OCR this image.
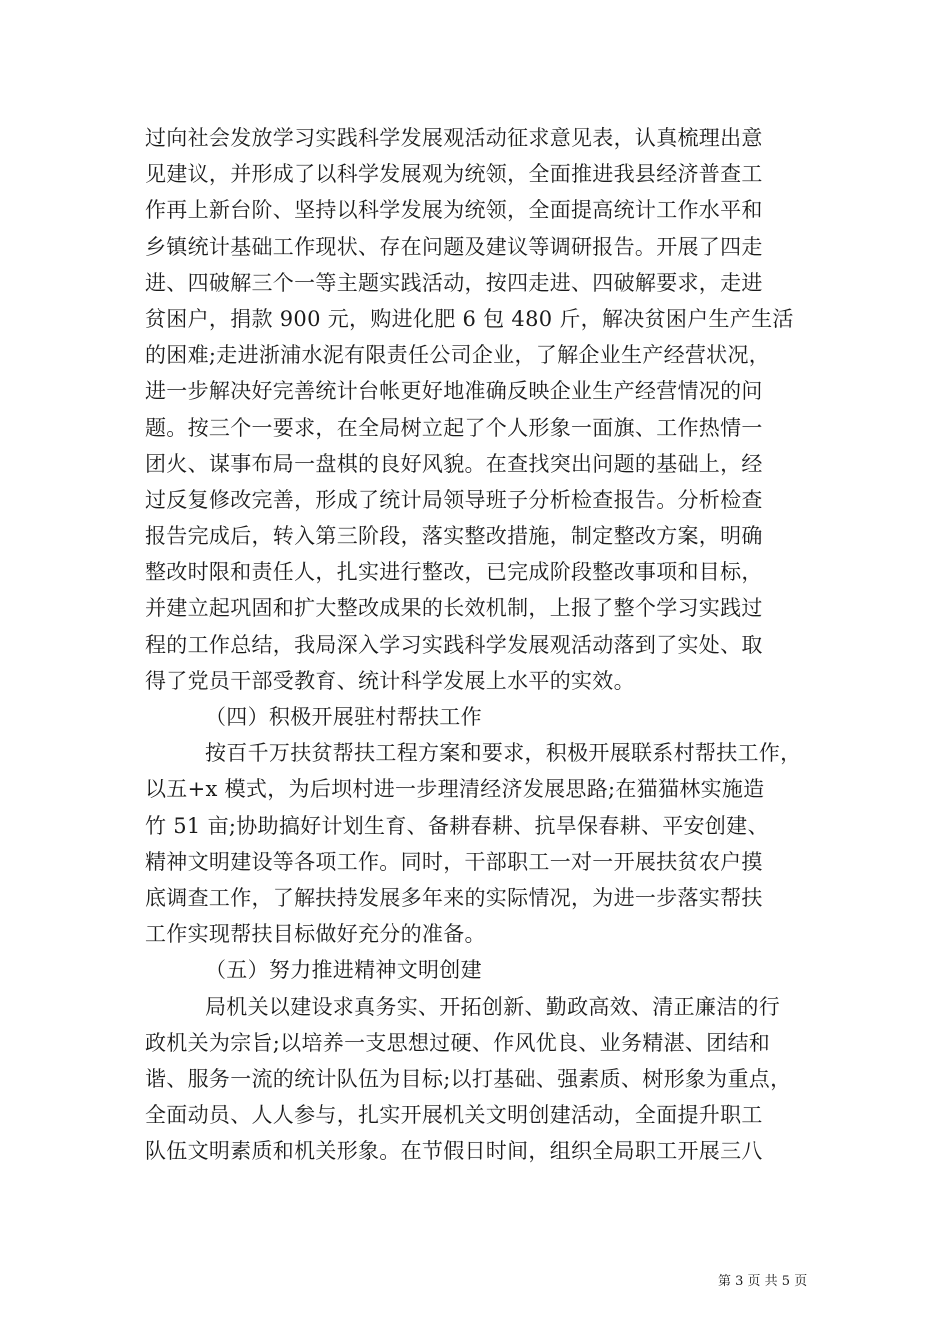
过向社会发放学习实践科学发展观活动征求意见表，认真梳理出意
见建议，并形成了以科学发展观为统领，全面推进我县经济普查工
作再上新台阶、坚持以科学发展为统领，全面提高统计工作水平和
乡镇统计基础工作现状、存在问题及建议等调研报告。开展了四走
进、四破解三个一等主题实践活动，按四走进、四破解要求，走进
贫困户，捐款 900 元，购进化肥 6 包 480 斤，解决贫困户生产生活
的困难;走进浙浦水泥有限责任公司企业，了解企业生产经营状况，
进一步解决好完善统计台帐更好地准确反映企业生产经营情况的问
题。按三个一要求，在全局树立起了个人形象一面旗、工作热情一
团火、谋事布局一盘棋的良好风貌。在查找突出问题的基础上，经
过反复修改完善，形成了统计局领导班子分析检查报告。分析检查
报告完成后，转入第三阶段，落实整改措施，制定整改方案，明确
整改时限和责任人，扎实进行整改，已完成阶段整改事项和目标，
并建立起巩固和扩大整改成果的长效机制，上报了整个学习实践过
程的工作总结，我局深入学习实践科学发展观活动落到了实处、取
得了党员干部受教育、统计科学发展上水平的实效。
（四）积极开展驻村帮扶工作
按百千万扶贫帮扶工程方案和要求，积极开展联系村帮扶工作，
以五+x 模式，为后坝村进一步理清经济发展思路;在猫猫林实施造
竹 51 亩;协助搞好计划生育、备耕春耕、抗旱保春耕、平安创建、
精神文明建设等各项工作。同时，干部职工一对一开展扶贫农户摸
底调查工作，了解扶持发展多年来的实际情况，为进一步落实帮扶
工作实现帮扶目标做好充分的准备。
（五）努力推进精神文明创建
局机关以建设求真务实、开拓创新、勤政高效、清正廉洁的行
政机关为宗旨;以培养一支思想过硬、作风优良、业务精湛、团结和
谐、服务一流的统计队伍为目标;以打基础、强素质、树形象为重点，
全面动员、人人参与，扎实开展机关文明创建活动，全面提升职工
队伍文明素质和机关形象。在节假日时间，组织全局职工开展三八
第 3 页 共 5 页
